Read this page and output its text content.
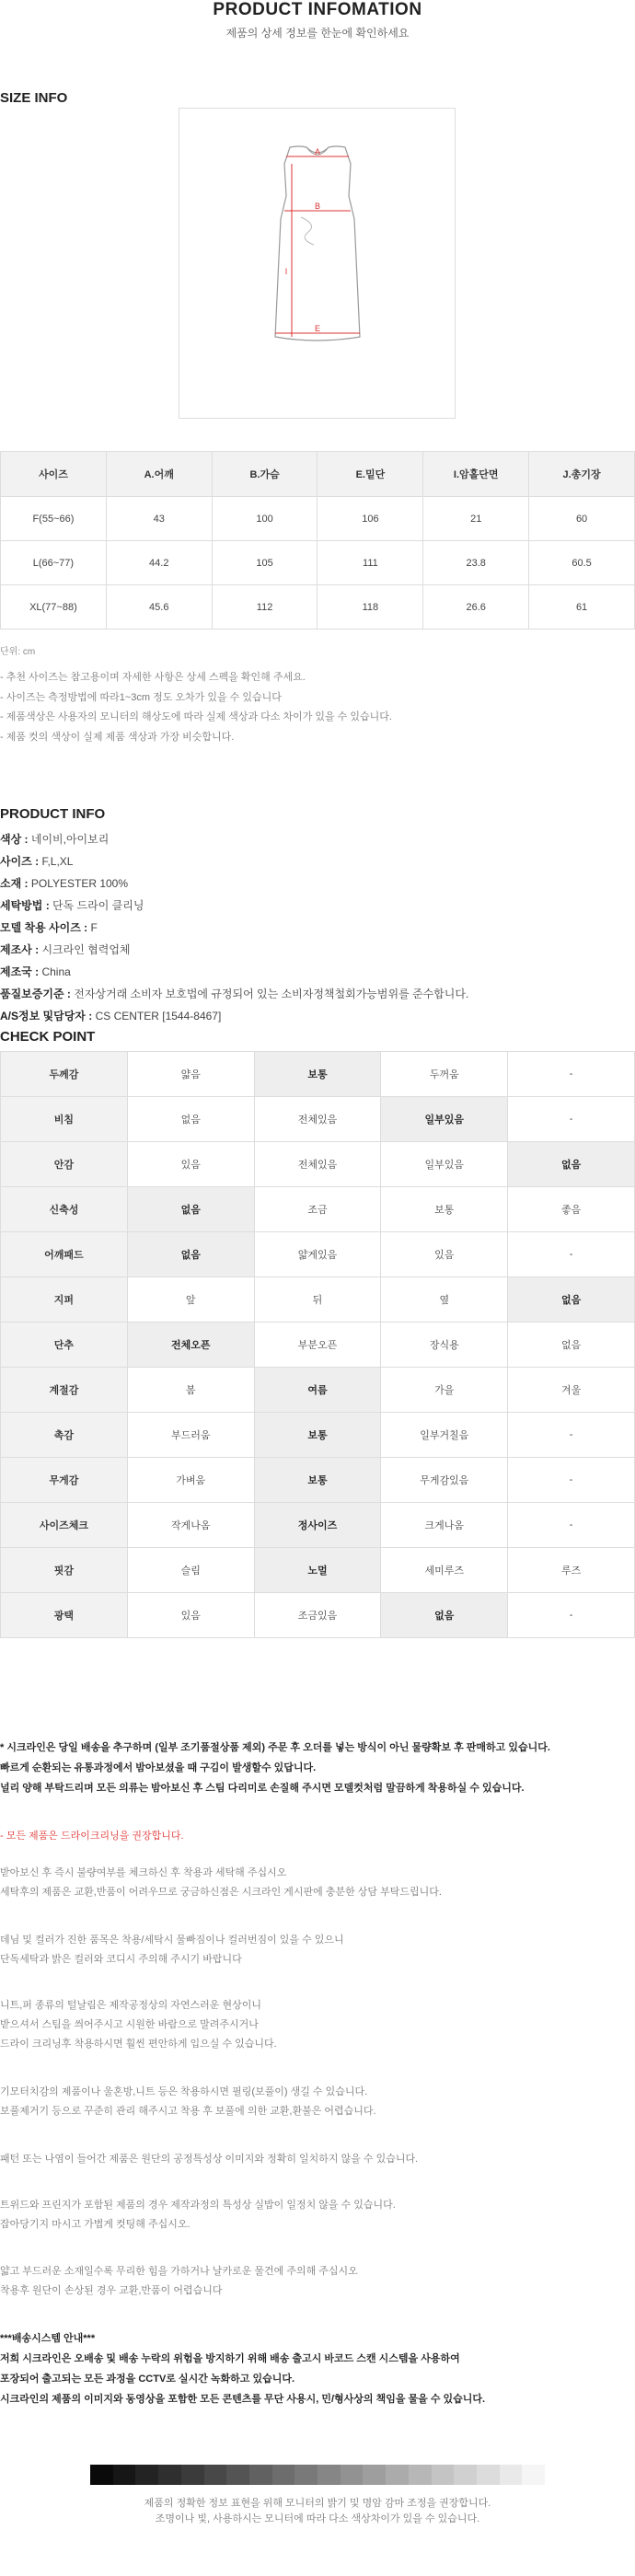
PRODUCT INFOMATION
제품의 상세 정보를 한눈에 확인하세요
SIZE INFO
A
B
I
E
사이즈	A.어깨	B.가슴	E.밑단	I.암홀단면	J.총기장
F(55~66)	43	100	106	21	60
L(66~77)	44.2	105	111	23.8	60.5
XL(77~88)	45.6	112	118	26.6	61
단위: cm
- 추천 사이즈는 참고용이며 자세한 사항은 상세 스펙을 확인해 주세요.
- 사이즈는 측정방법에 따라1~3cm 정도 오차가 있을 수 있습니다
- 제품색상은 사용자의 모니터의 해상도에 따라 실제 색상과 다소 차이가 있을 수 있습니다.
- 제품 컷의 색상이 실제 제품 색상과 가장 비슷합니다.
PRODUCT INFO
색상 : 네이비,아이보리
사이즈 : F,L,XL
소재 : POLYESTER 100%
세탁방법 : 단독 드라이 클리닝
모델 착용 사이즈 : F
제조사 : 시크라인 협력업체
제조국 : China
품질보증기준 : 전자상거래 소비자 보호법에 규정되어 있는 소비자정책철회가능범위를 준수합니다.
A/S정보 및담당자 : CS CENTER [1544-8467]
CHECK POINT
두께감	얇음	보통	두꺼움	-
비침	없음	전체있음	일부있음	-
안감	있음	전체있음	일부있음	없음
신축성	없음	조금	보통	좋음
어깨패드	없음	얇게있음	있음	-
지퍼	앞	뒤	옆	없음
단추	전체오픈	부분오픈	장식용	없음
계절감	봄	여름	가을	겨울
촉감	부드러움	보통	일부거칠음	-
무게감	가벼움	보통	무게감있음	-
사이즈체크	작게나옴	정사이즈	크게나옴	-
핏감	슬림	노멀	세미루즈	루즈
광택	있음	조금있음	없음	-
* 시크라인은 당일 배송을 추구하며 (일부 조기품절상품 제외) 주문 후 오더를 넣는 방식이 아닌 물량확보 후 판매하고 있습니다.
빠르게 순환되는 유통과정에서 밤아보셨을 때 구김이 발생할수 있답니다.
널리 양해 부탁드리며 모든 의류는 밤아보신 후 스팀 다리미로 손질해 주시면 모델컷처럼 말끔하게 착용하실 수 있습니다.
- 모든 제품은 드라이크리닝을 권장합니다.
받아보신 후 즉시 불량여부를 체크하신 후 착용과 세탁해 주십시오
세탁후의 제품은 교환,반품이 어려우므로 궁금하신점은 시크라인 게시판에 충분한 상담 부탁드립니다.
데님 및 컬러가 진한 품목은 착용/세탁시 물빠짐이나 컬러번짐이 있을 수 있으니
단독세탁과 밝은 컬러와 코디시 주의해 주시기 바랍니다
니트,퍼 종류의 털날림은 제작공정상의 자연스러운 현상이니
받으셔서 스팀을 씌어주시고 시원한 바람으로 말려주시거나
드라이 크리닝후 착용하시면 훨씬 편안하게 입으실 수 있습니다.
기모터치감의 제품이나 울혼방,니트 등은 착용하시면 필링(보풀이) 생길 수 있습니다.
보풀제거기 등으로 꾸준히 관리 해주시고 착용 후 보풀에 의한 교환,환불은 어렵습니다.
패턴 또는 나염이 들어간 제품은 원단의 공정특성상 이미지와 정확히 일치하지 않을 수 있습니다.
트위드와 프린지가 포함된 제품의 경우 제작과정의 특성상 실밥이 일정치 않을 수 있습니다.
잡아당기지 마시고 가볍게 컷팅해 주십시오.
얇고 부드러운 소재일수록 무리한 힘을 가하거나 날카로운 물건에 주의해 주십시오
착용후 원단이 손상된 경우 교환,반품이 어렵습니다
***배송시스템 안내***
저희 시크라인은 오배송 및 배송 누락의 위험을 방지하기 위해 배송 출고시 바코드 스캔 시스템을 사용하여
포장되어 출고되는 모든 과정을 CCTV로 실시간 녹화하고 있습니다.
시크라인의 제품의 이미지와 동영상을 포함한 모든 콘텐츠를 무단 사용시, 민/형사상의 책임을 물을 수 있습니다.
제품의 정확한 정보 표현을 위해 모니터의 밝기 및 명암 감마 조정을 권장합니다.
조명이나 빛, 사용하시는 모니터에 따라 다소 색상차이가 있을 수 있습니다.
